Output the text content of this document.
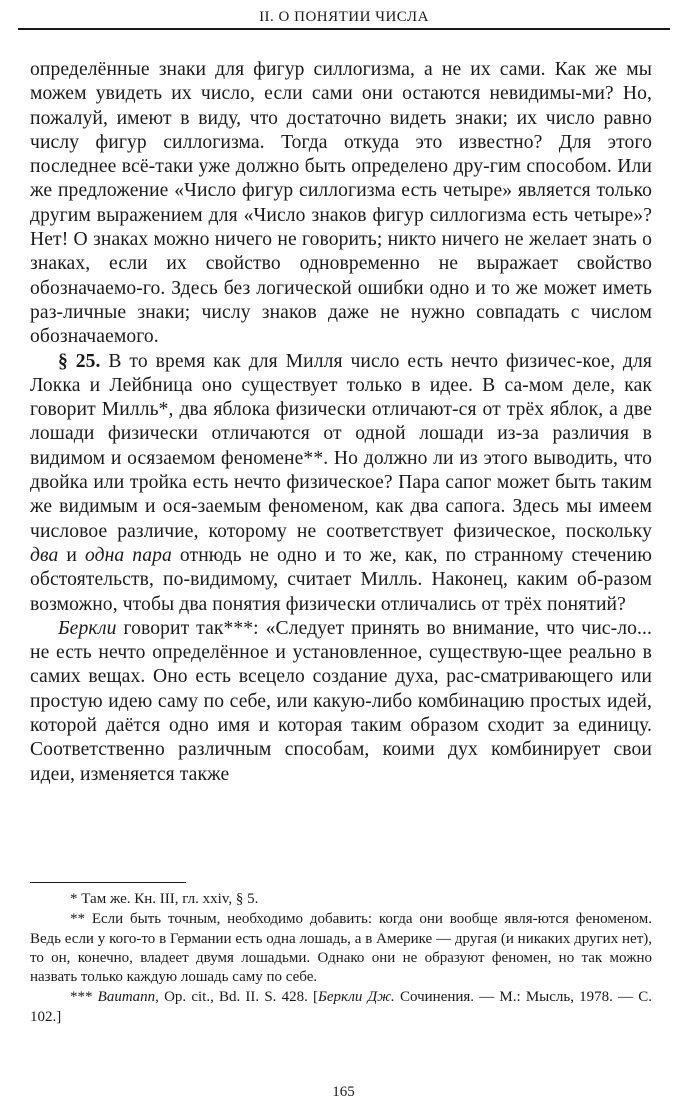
II. О ПОНЯТИИ ЧИСЛА

определённые знаки для фигур силлогизма, а не их сами. Как же мы можем увидеть их число, если сами они остаются невидимы-ми? Но, пожалуй, имеют в виду, что достаточно видеть знаки; их число равно числу фигур силлогизма. Тогда откуда это известно? Для этого последнее всё-таки уже должно быть определено дру-гим способом. Или же предложение «Число фигур силлогизма есть четыре» является только другим выражением для «Число знаков фигур силлогизма есть четыре»? Нет! О знаках можно ничего не говорить; никто ничего не желает знать о знаках, если их свойство одновременно не выражает свойство обозначаемо-го. Здесь без логической ошибки одно и то же может иметь раз-личные знаки; числу знаков даже не нужно совпадать с числом обозначаемого.

§ 25. В то время как для Милля число есть нечто физичес-кое, для Локка и Лейбница оно существует только в идее. В са-мом деле, как говорит Милль*, два яблока физически отличают-ся от трёх яблок, а две лошади физически отличаются от одной лошади из-за различия в видимом и осязаемом феномене**. Но должно ли из этого выводить, что двойка или тройка есть нечто физическое? Пара сапог может быть таким же видимым и ося-заемым феноменом, как два сапога. Здесь мы имеем числовое различие, которому не соответствует физическое, поскольку два и одна пара отнюдь не одно и то же, как, по странному стечению обстоятельств, по-видимому, считает Милль. Наконец, каким об-разом возможно, чтобы два понятия физически отличались от трёх понятий?

Беркли говорит так***: «Следует принять во внимание, что чис-ло... не есть нечто определённое и установленное, существую-щее реально в самих вещах. Оно есть всецело создание духа, рас-сматривающего или простую идею саму по себе, или какую-либо комбинацию простых идей, которой даётся одно имя и которая таким образом сходит за единицу. Соответственно различным способам, коими дух комбинирует свои идеи, изменяется также

* Там же. Кн. III, гл. xxiv, § 5.

** Если быть точным, необходимо добавить: когда они вообще явля-ются феноменом. Ведь если у кого-то в Германии есть одна лошадь, а в Америке — другая (и никаких других нет), то он, конечно, владеет двумя лошадьми. Однако они не образуют феномен, но так можно назвать только каждую лошадь саму по себе.

*** Baumann, Op. cit., Bd. II. S. 428. [Беркли Дж. Сочинения. — М.: Мысль, 1978. — С. 102.]

165
